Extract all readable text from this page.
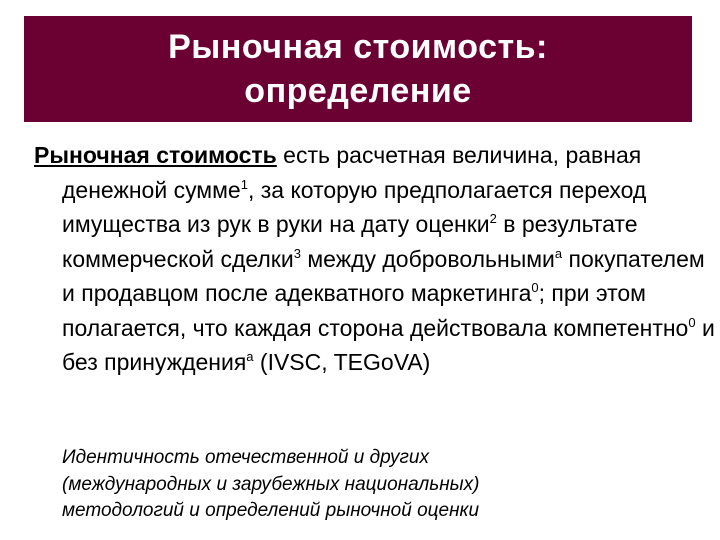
Рыночная стоимость:
определение
Рыночная стоимость есть расчетная величина, равная денежной сумме$^1$, за которую предполагается переход имущества из рук в руки на дату оценки$^2$ в результате коммерческой сделки$^3$ между добровольными$^a$ покупателем и продавцом после адекватного маркетинга$^0$; при этом полагается, что каждая сторона действовала компетентно$^0$ и без принуждения$^a$ (IVSC, TEGoVA)
Идентичность отечественной и других
(международных и зарубежных национальных)
методологий и определений рыночной оценки
